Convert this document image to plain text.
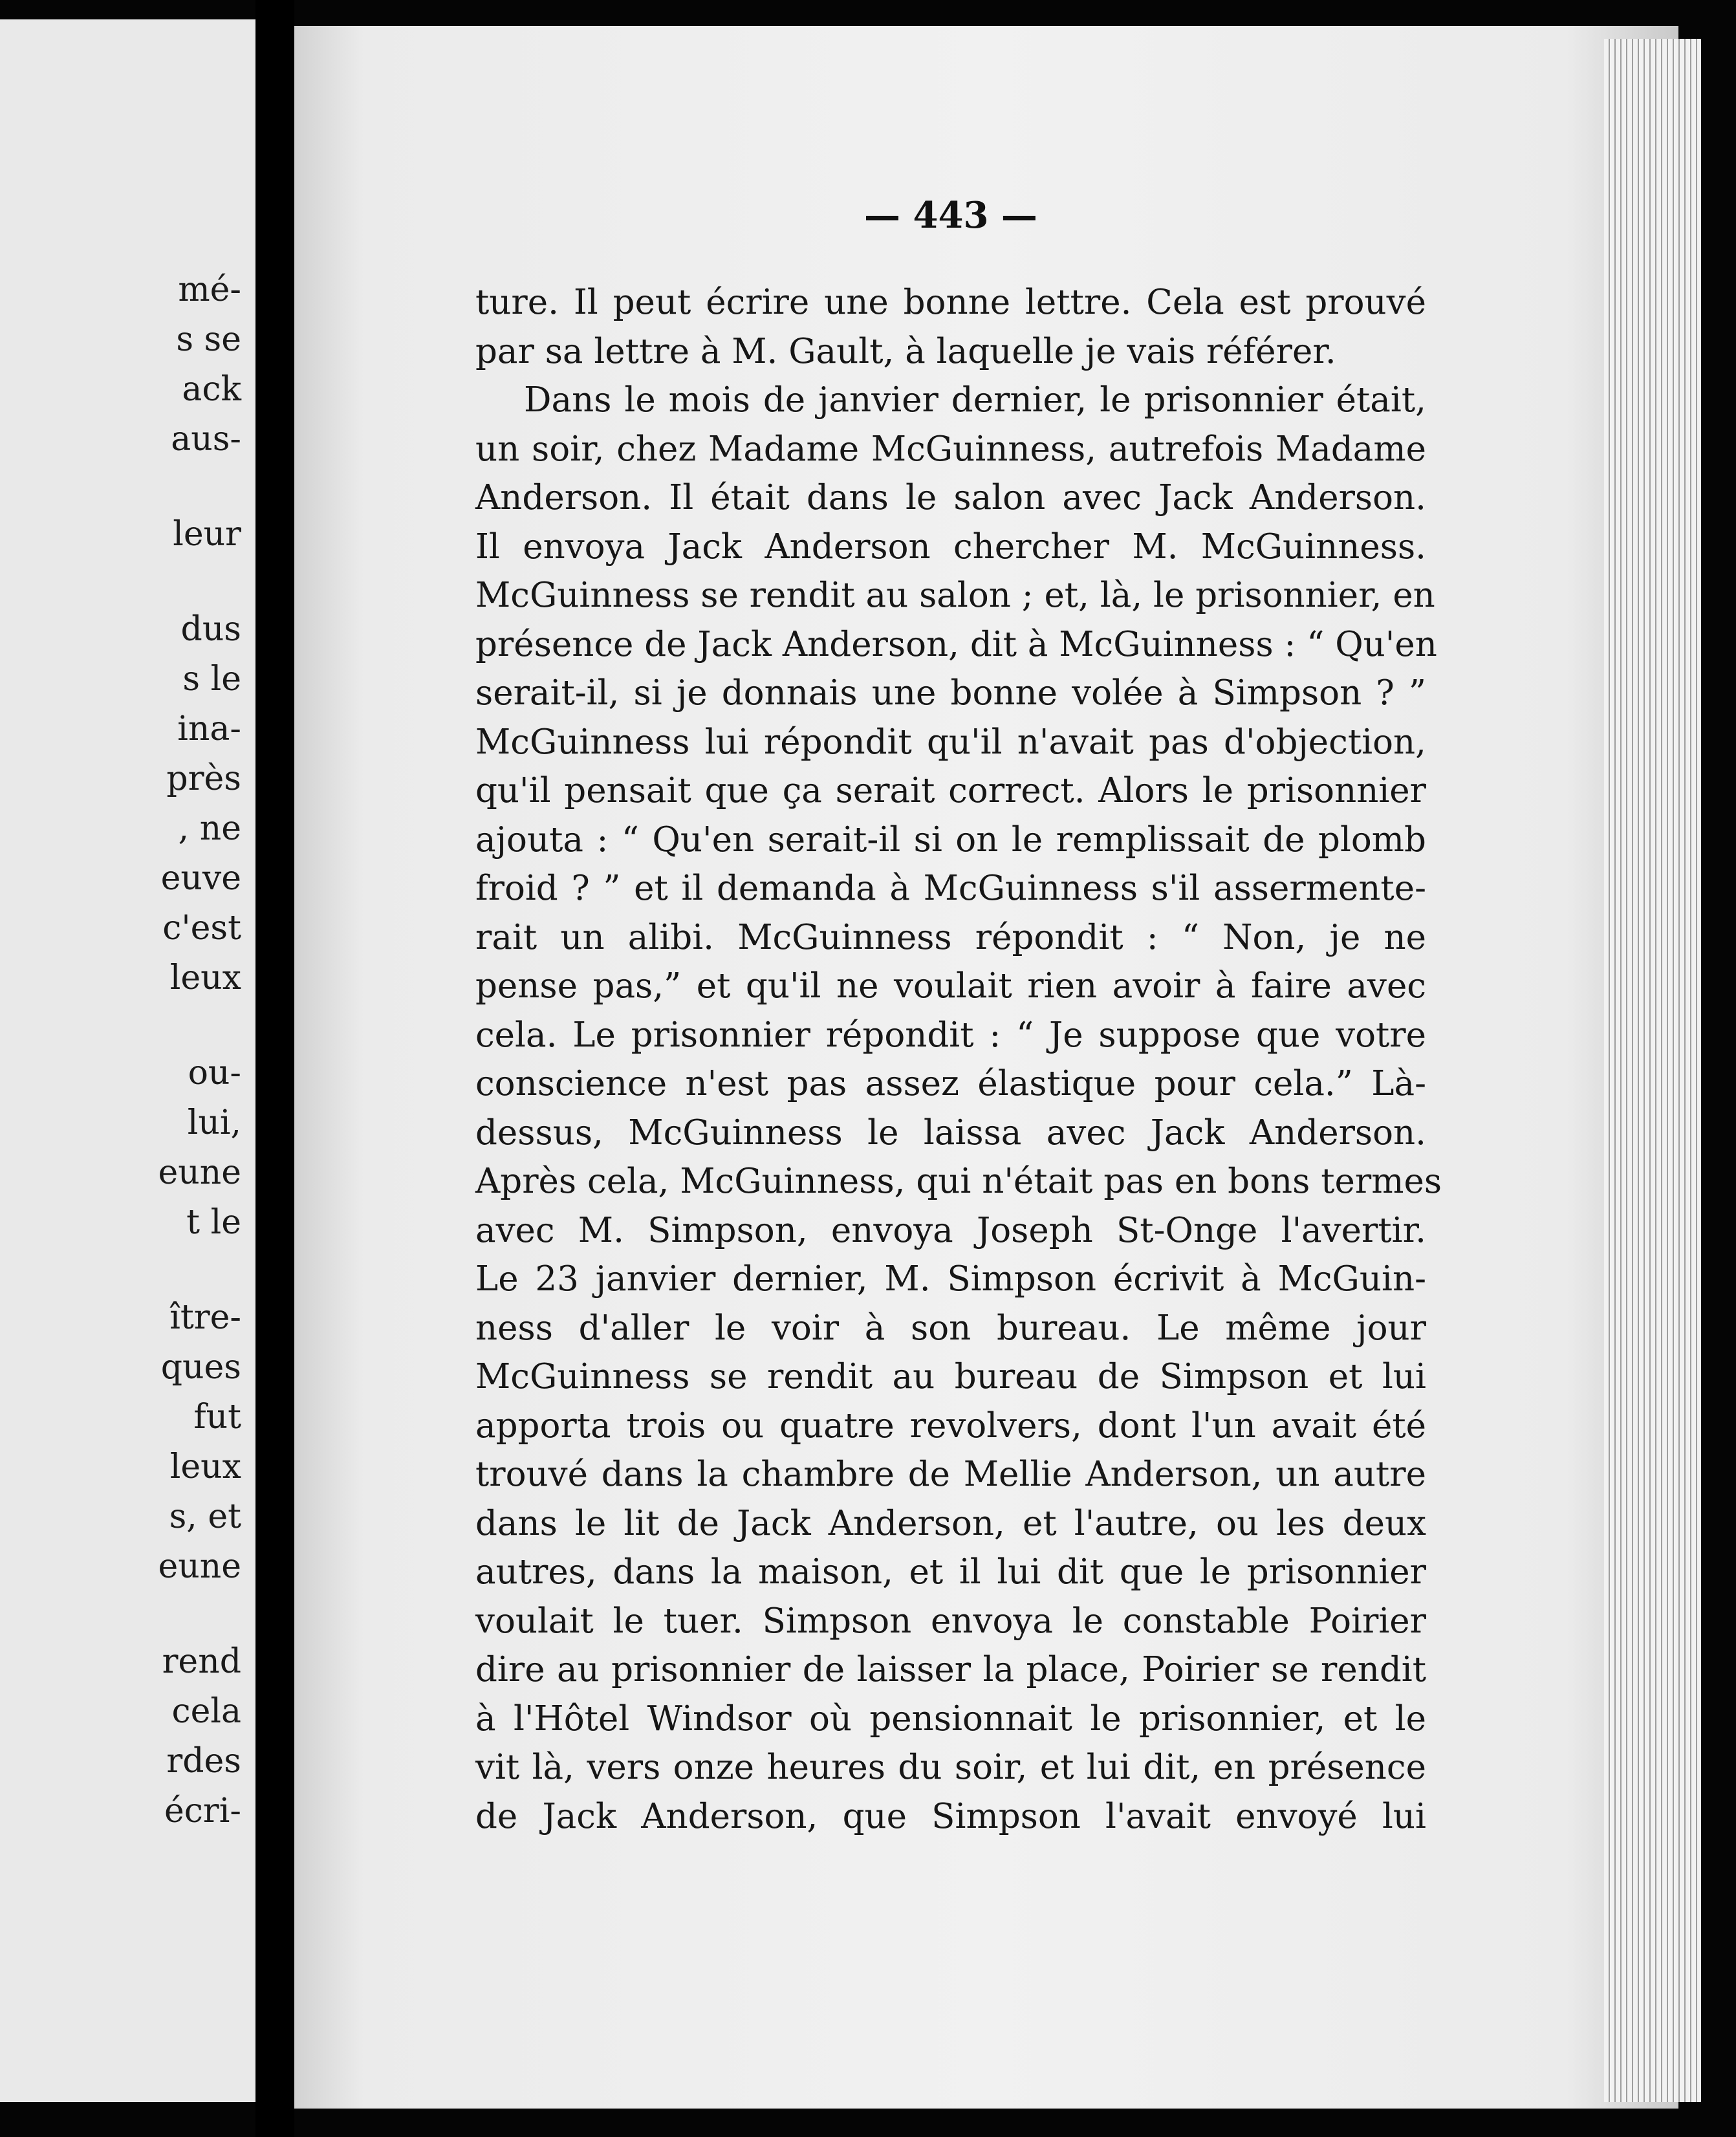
mé-
s se
ack
aus-
leur
dus
s le
ina-
près
, ne
euve
c'est
leux
ou-
lui,
eune
t le
ître-
ques
fut
leux
s, et
eune
rend
cela
rdes
écri-
— 443 —
ture. Il peut écrire une bonne lettre. Cela est prouvé
par sa lettre à M. Gault, à laquelle je vais référer.
Dans le mois de janvier dernier, le prisonnier était,
un soir, chez Madame McGuinness, autrefois Madame
Anderson. Il était dans le salon avec Jack Anderson.
Il envoya Jack Anderson chercher M. McGuinness.
McGuinness se rendit au salon ; et, là, le prisonnier, en
présence de Jack Anderson, dit à McGuinness : “ Qu'en
serait-il, si je donnais une bonne volée à Simpson ? ”
McGuinness lui répondit qu'il n'avait pas d'objection,
qu'il pensait que ça serait correct. Alors le prisonnier
ajouta : “ Qu'en serait-il si on le remplissait de plomb
froid ? ” et il demanda à McGuinness s'il assermente-
rait un alibi. McGuinness répondit : “ Non, je ne
pense pas,” et qu'il ne voulait rien avoir à faire avec
cela. Le prisonnier répondit : “ Je suppose que votre
conscience n'est pas assez élastique pour cela.” Là-
dessus, McGuinness le laissa avec Jack Anderson.
Après cela, McGuinness, qui n'était pas en bons termes
avec M. Simpson, envoya Joseph St-Onge l'avertir.
Le 23 janvier dernier, M. Simpson écrivit à McGuin-
ness d'aller le voir à son bureau. Le même jour
McGuinness se rendit au bureau de Simpson et lui
apporta trois ou quatre revolvers, dont l'un avait été
trouvé dans la chambre de Mellie Anderson, un autre
dans le lit de Jack Anderson, et l'autre, ou les deux
autres, dans la maison, et il lui dit que le prisonnier
voulait le tuer. Simpson envoya le constable Poirier
dire au prisonnier de laisser la place, Poirier se rendit
à l'Hôtel Windsor où pensionnait le prisonnier, et le
vit là, vers onze heures du soir, et lui dit, en présence
de Jack Anderson, que Simpson l'avait envoyé lui
